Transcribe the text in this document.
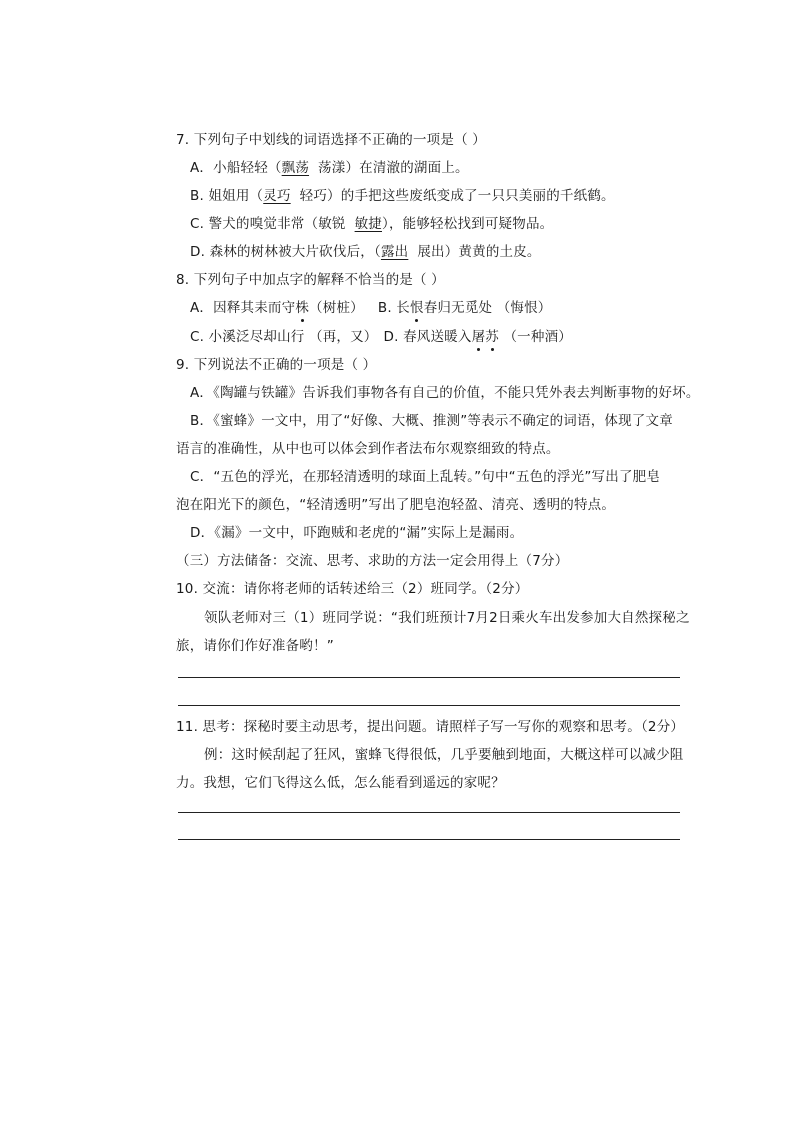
7. 下列句子中划线的词语选择不正确的一项是（ ）
A．小船轻轻（飘荡 荡漾）在清澈的湖面上。
B. 姐姐用（灵巧 轻巧）的手把这些废纸变成了一只只美丽的千纸鹤。
C. 警犬的嗅觉非常（敏锐  敏捷），能够轻松找到可疑物品。
D. 森林的树林被大片砍伐后，（露出 展出）黄黄的土皮。
8. 下列句子中加点字的解释不恰当的是（ ）
A．因释其耒而守株（树桩） B. 长恨春归无觅处 （悔恨）
C. 小溪泛尽却山行 （再，又） D. 春风送暖入屠苏 （一种酒）
9. 下列说法不正确的一项是（ ）
A．《陶罐与铁罐》告诉我们事物各有自己的价值，不能只凭外表去判断事物的好坏。
B．《蜜蜂》一文中，用了“好像、大概、推测”等表示不确定的词语，体现了文章
语言的准确性，从中也可以体会到作者法布尔观察细致的特点。
C．“五色的浮光，在那轻清透明的球面上乱转。”句中“五色的浮光”写出了肥皂
泡在阳光下的颜色，“轻清透明”写出了肥皂泡轻盈、清亮、透明的特点。
D．《漏》一文中，吓跑贼和老虎的“漏”实际上是漏雨。
（三）方法储备：交流、思考、求助的方法一定会用得上（7分）
10. 交流：请你将老师的话转述给三（2）班同学。（2分）
领队老师对三（1）班同学说：“我们班预计7月2日乘火车出发参加大自然探秘之
旅，请你们作好准备哟！”
11. 思考：探秘时要主动思考，提出问题。请照样子写一写你的观察和思考。（2分）
例：这时候刮起了狂风，蜜蜂飞得很低，几乎要触到地面，大概这样可以减少阻
力。我想，它们飞得这么低，怎么能看到遥远的家呢？
